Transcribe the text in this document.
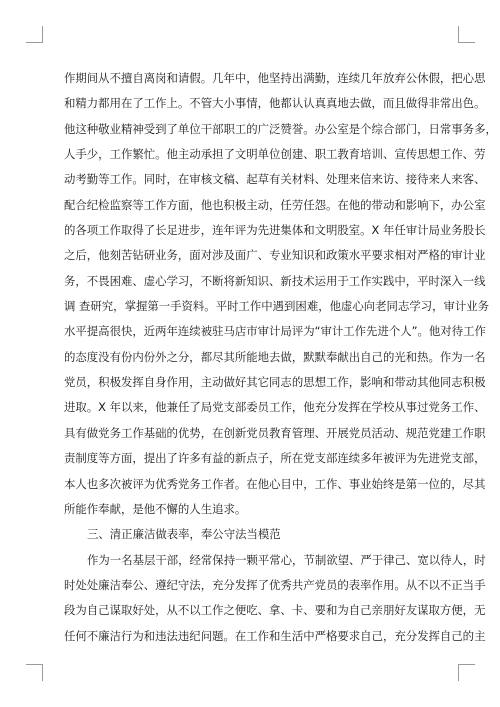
作期间从不擅自离岗和请假。几年中，他坚持出满勤，连续几年放弃公休假，把心思
和精力都用在了工作上。不管大小事情，他都认认真真地去做，而且做得非常出色。
他这种敬业精神受到了单位干部职工的广泛赞誉。办公室是个综合部门，日常事务多，
人手少，工作繁忙。他主动承担了文明单位创建、职工教育培训、宣传思想工作、劳
动考勤等工作。同时，在审核文稿、起草有关材料、处理来信来访、接待来人来客、
配合纪检监察等工作方面，他也积极主动，任劳任怨。在他的带动和影响下，办公室
的各项工作取得了长足进步，连年评为先进集体和文明股室。X 年任审计局业务股长
之后，他刻苦钻研业务，面对涉及面广、专业知识和政策水平要求相对严格的审计业
务，不畏困难、虚心学习，不断将新知识、新技术运用于工作实践中，平时深入一线
调 查研究，掌握第一手资料。平时工作中遇到困难，他虚心向老同志学习，审计业务
水平提高很快，近两年连续被驻马店市审计局评为“审计工作先进个人”。他对待工作
的态度没有份内份外之分，都尽其所能地去做，默默奉献出自己的光和热。作为一名
党员，积极发挥自身作用，主动做好其它同志的思想工作，影响和带动其他同志积极
进取。X 年以来，他兼任了局党支部委员工作，他充分发挥在学校从事过党务工作、
具有做党务工作基础的优势，在创新党员教育管理、开展党员活动、规范党建工作职
责制度等方面，提出了许多有益的新点子，所在党支部连续多年被评为先进党支部，
本人也多次被评为优秀党务工作者。在他心目中，工作、事业始终是第一位的，尽其
所能作奉献，是他不懈的人生追求。
三、清正廉洁做表率，奉公守法当模范
作为一名基层干部，经常保持一颗平常心，节制欲望、严于律己、宽以待人，时
时处处廉洁奉公、遵纪守法，充分发挥了优秀共产党员的表率作用。从不以不正当手
段为自己谋取好处，从不以工作之便吃、拿、卡、要和为自己亲朋好友谋取方便，无
任何不廉洁行为和违法违纪问题。在工作和生活中严格要求自己，充分发挥自己的主
